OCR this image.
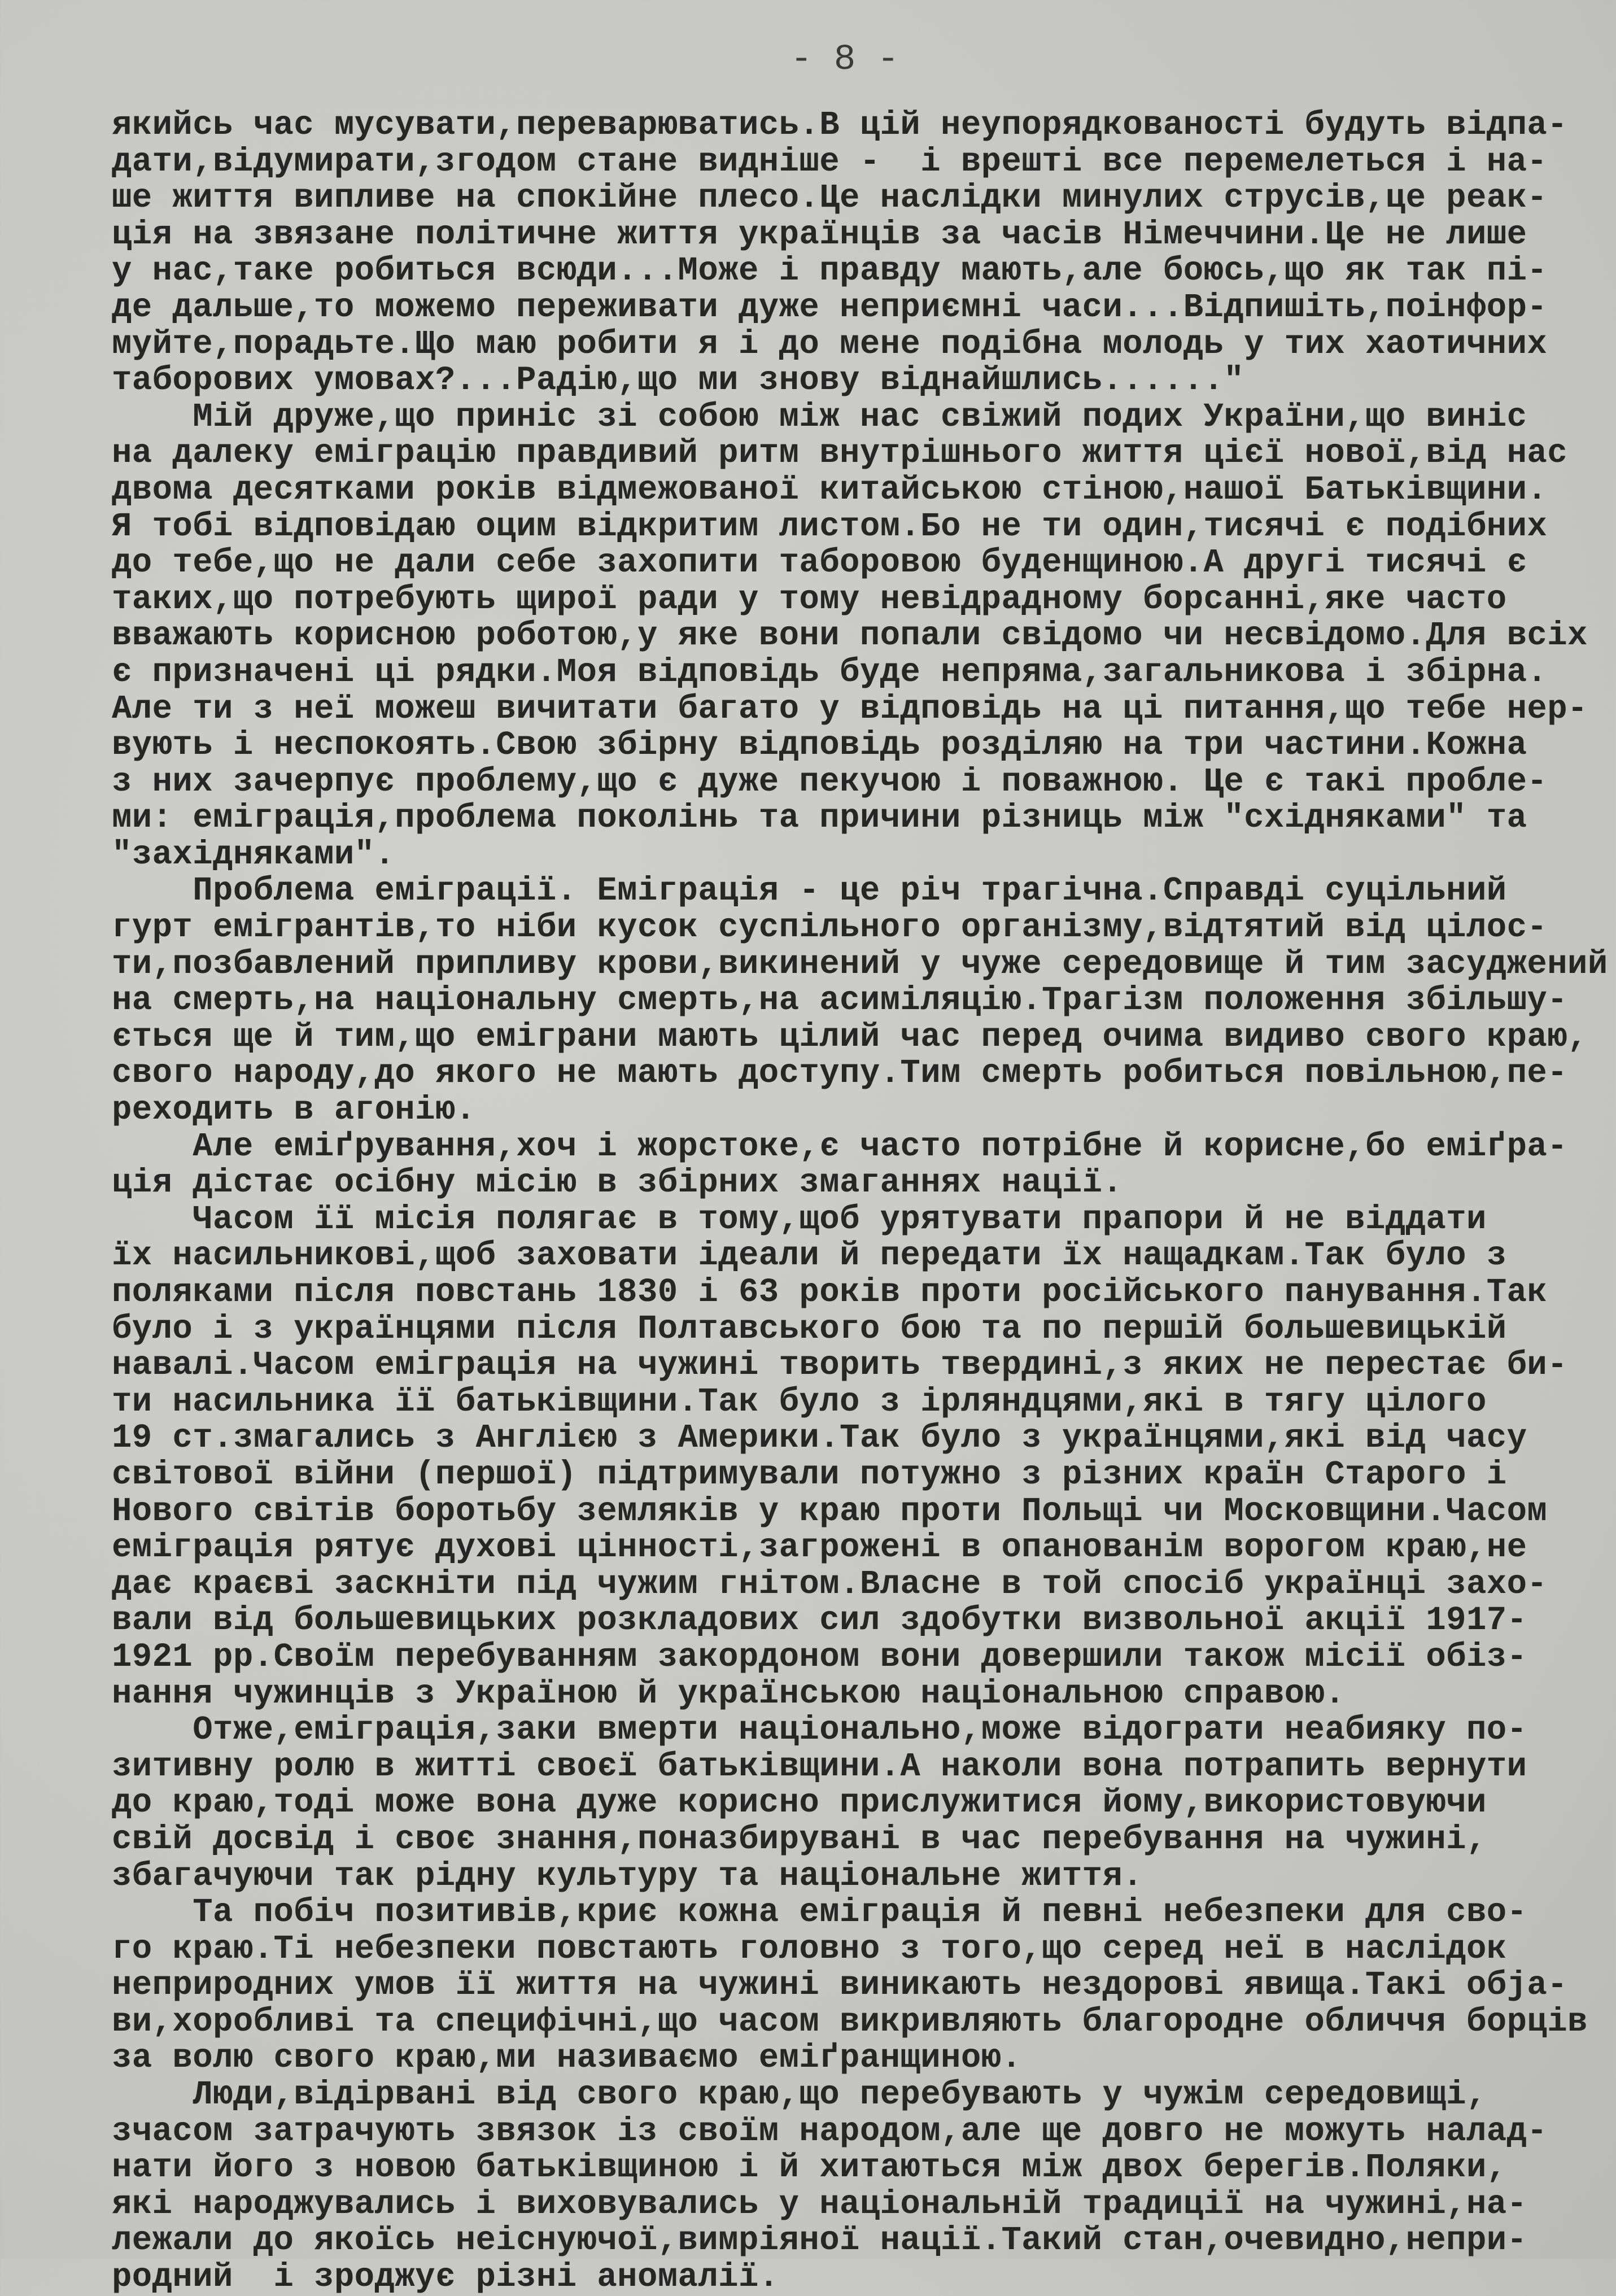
- 8 -
якийсь час мусувати,переварюватись.В цій неупорядкованості будуть відпа-
дати,відумирати,згодом стане видніше -  і врешті все перемелеться і на-
ше життя випливе на спокійне плесо.Це наслідки минулих струсів,це реак-
ція на звязане політичне життя українців за часів Німеччини.Це не лише
у нас,таке робиться всюди...Може і правду мають,але боюсь,що як так пі-
де дальше,то можемо переживати дуже неприємні часи...Відпишіть,поінфор-
муйте,порадьте.Що маю робити я і до мене подібна молодь у тих хаотичних
таборових умовах?...Радію,що ми знову віднайшлись......"
Мій друже,що приніс зі собою між нас свіжий подих України,що виніс
на далеку еміграцію правдивий ритм внутрішнього життя цієї нової,від нас
двома десятками років відмежованої китайською стіною,нашої Батьківщини.
Я тобі відповідаю оцим відкритим листом.Бо не ти один,тисячі є подібних
до тебе,що не дали себе захопити таборовою буденщиною.А другі тисячі є
таких,що потребують щирої ради у тому невідрадному борсанні,яке часто
вважають корисною роботою,у яке вони попали свідомо чи несвідомо.Для всіх
є призначені ці рядки.Моя відповідь буде непряма,загальникова і збірна.
Але ти з неї можеш вичитати багато у відповідь на ці питання,що тебе нер-
вують і неспокоять.Свою збірну відповідь розділяю на три частини.Кожна
з них зачерпує проблему,що є дуже пекучою і поважною. Це є такі пробле-
ми: еміграція,проблема поколінь та причини різниць між "східняками" та
"західняками".
Проблема еміграції. Еміграція - це річ трагічна.Справді суцільний
гурт емігрантів,то ніби кусок суспільного організму,відтятий від цілос-
ти,позбавлений припливу крови,викинений у чуже середовище й тим засуджений
на смерть,на національну смерть,на асиміляцію.Трагізм положення збільшу-
ється ще й тим,що еміграни мають цілий час перед очима видиво свого краю,
свого народу,до якого не мають доступу.Тим смерть робиться повільною,пе-
реходить в агонію.
Але еміґрування,хоч і жорстоке,є часто потрібне й корисне,бо еміґра-
ція дістає осібну місію в збірних змаганнях нації.
Часом її місія полягає в тому,щоб урятувати прапори й не віддати
їх насильникові,щоб заховати ідеали й передати їх нащадкам.Так було з
поляками після повстань 1830 і 63 років проти російського панування.Так
було і з українцями після Полтавського бою та по першій большевицькій
навалі.Часом еміграція на чужині творить твердині,з яких не перестає би-
ти насильника її батьківщини.Так було з ірляндцями,які в тягу цілого
19 ст.змагались з Англією з Америки.Так було з українцями,які від часу
світової війни (першої) підтримували потужно з різних країн Старого і
Нового світів боротьбу земляків у краю проти Польщі чи Московщини.Часом
еміграція рятує духові цінності,загрожені в опанованім ворогом краю,не
дає краєві заскніти під чужим гнітом.Власне в той спосіб українці захо-
вали від большевицьких розкладових сил здобутки визвольної акції 1917-
1921 рр.Своїм перебуванням закордоном вони довершили також місії обіз-
нання чужинців з Україною й українською національною справою.
Отже,еміграція,заки вмерти національно,може відограти неабияку по-
зитивну ролю в житті своєї батьківщини.А наколи вона потрапить вернути
до краю,тоді може вона дуже корисно прислужитися йому,використовуючи
свій досвід і своє знання,поназбирувані в час перебування на чужині,
збагачуючи так рідну культуру та національне життя.
Та побіч позитивів,криє кожна еміграція й певні небезпеки для сво-
го краю.Ті небезпеки повстають головно з того,що серед неї в наслідок
неприродних умов її життя на чужині виникають нездорові явища.Такі обја-
ви,хоробливі та специфічні,що часом викривляють благородне обличчя борців
за волю свого краю,ми називаємо еміґранщиною.
Люди,відірвані від свого краю,що перебувають у чужім середовищі,
зчасом затрачують звязок із своїм народом,але ще довго не можуть налад-
нати його з новою батьківщиною і й хитаються між двох берегів.Поляки,
які народжувались і виховувались у національній традиції на чужині,на-
лежали до якоїсь неіснуючої,вимріяної нації.Такий стан,очевидно,непри-
родний  і зроджує різні аномалії.
